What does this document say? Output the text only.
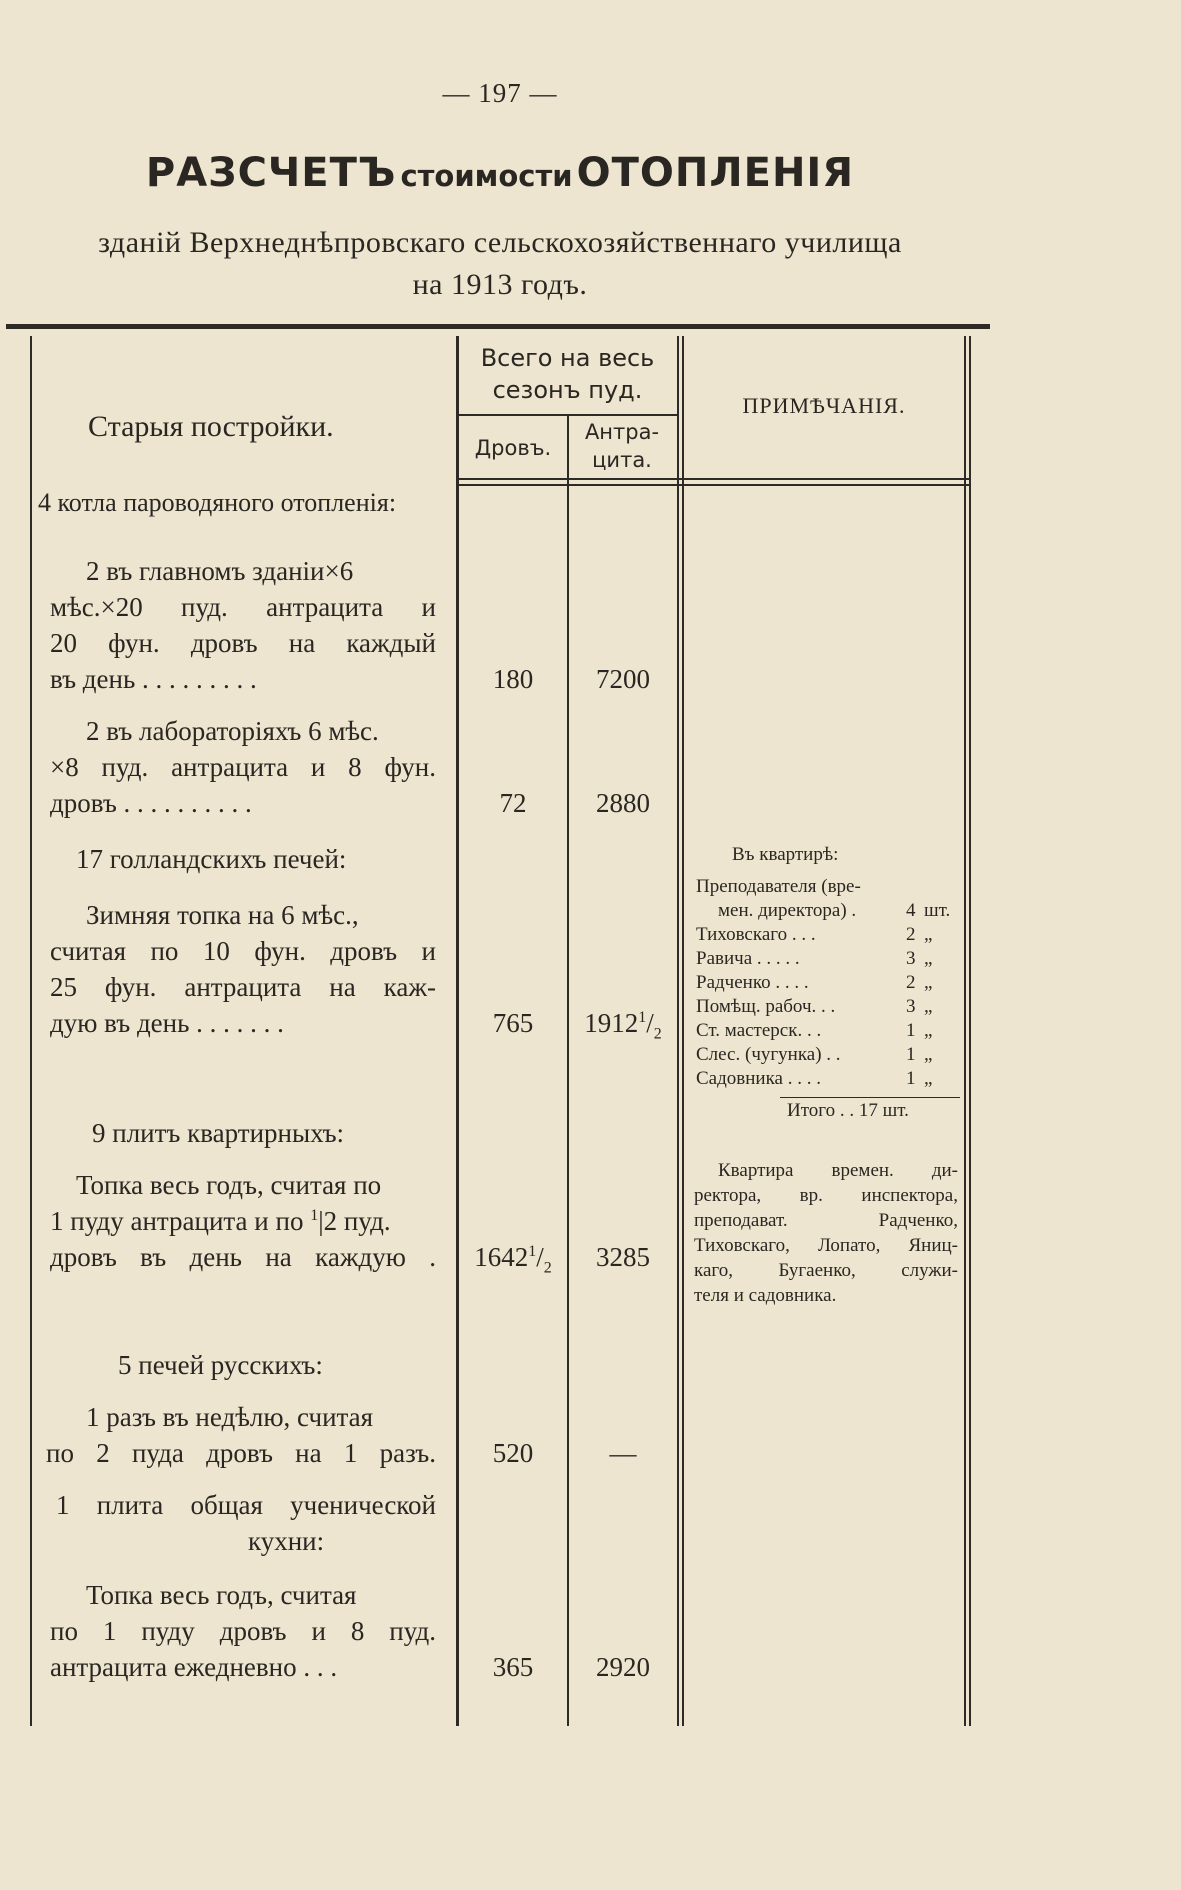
— 197 —
РАЗСЧЕТЪ стоимости ОТОПЛЕНІЯ
зданій Верхнеднѣпровскаго сельскохозяйственнаго училища
на 1913 годъ.
Старыя постройки.
Всего на весь
сезонъ пуд.
Дровъ.
Антра-
цита.
ПРИМѢЧАНІЯ.
4 котла пароводяного отопленія:
2 въ главномъ зданіи×6
мѣс.×20 пуд. антрацита и
20 фун. дровъ на каждый
въ день . . . . . . . . .	180	7200
2 въ лабораторіяхъ 6 мѣс.
×8 пуд. антрацита и 8 фун.
дровъ . . . . . . . . . .	72	2880
17 голландскихъ печей:
Зимняя топка на 6 мѣс.,
считая по 10 фун. дровъ и
25 фун. антрацита на каж-
дую въ день . . . . . . .	765	$1912^1/_2$
9 плитъ квартирныхъ:
Топка весь годъ, считая по
1 пуду антрацита и по $^1$|2 пуд.
дровъ въ день на каждую .	$1642^1/_2$	3285
5 печей русскихъ:
1 разъ въ недѣлю, считая
по 2 пуда дровъ на 1 разъ.	520	—
1 плита общая ученической
кухни:
Топка весь годъ, считая
по 1 пуду дровъ и 8 пуд.
антрацита ежедневно . . .	365	2920
Въ квартирѣ:
Преподавателя (вре-
мен. директора) .	4 шт.
Тиховскаго . . .	2 „
Равича . . . . .	3 „
Радченко . . . .	2 „
Помѣщ. рабоч. . .	3 „
Ст. мастерск. . .	1 „
Слес. (чугунка) . .	1 „
Садовника . . . .	1 „
Итого . . 17 шт.
Квартира времен. ди-
ректора, вр. инспектора,
преподават. Радченко,
Тиховскаго, Лопато, Яниц-
каго, Бугаенко, служи-
теля и садовника.
